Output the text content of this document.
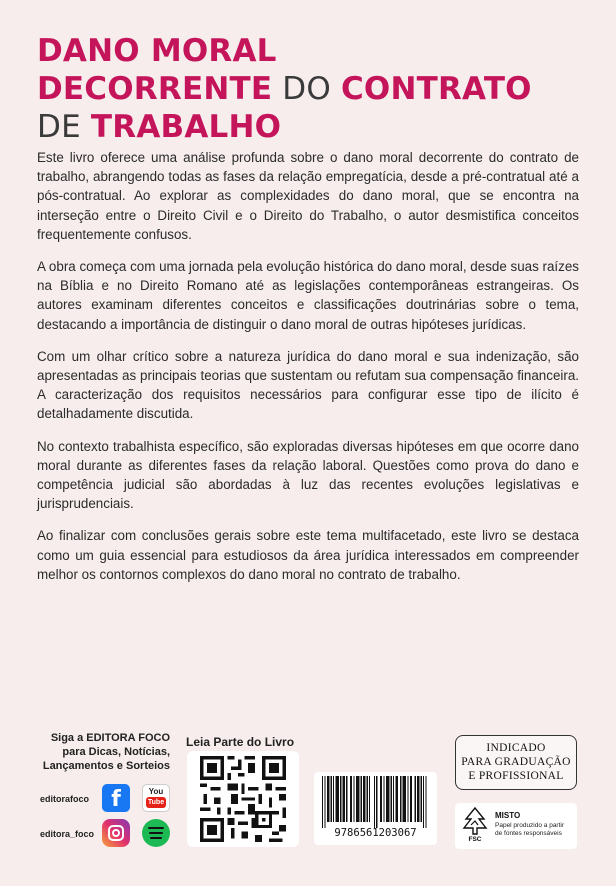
DANO MORAL
DECORRENTE DO CONTRATO
DE TRABALHO

Este livro oferece uma análise profunda sobre o dano moral decorrente do contrato de trabalho, abrangendo todas as fases da relação empregatícia, desde a pré-contratual até a pós-contratual. Ao explorar as complexidades do dano moral, que se encontra na interseção entre o Direito Civil e o Direito do Trabalho, o autor desmistifica conceitos frequentemente confusos.

A obra começa com uma jornada pela evolução histórica do dano moral, desde suas raízes na Bíblia e no Direito Romano até as legislações contemporâneas estrangeiras. Os autores examinam diferentes conceitos e classificações doutrinárias sobre o tema, destacando a importância de distinguir o dano moral de outras hipóteses jurídicas.

Com um olhar crítico sobre a natureza jurídica do dano moral e sua indenização, são apresentadas as principais teorias que sustentam ou refutam sua compensação financeira. A caracterização dos requisitos necessários para configurar esse tipo de ilícito é detalhadamente discutida.

No contexto trabalhista específico, são exploradas diversas hipóteses em que ocorre dano moral durante as diferentes fases da relação laboral. Questões como prova do dano e competência judicial são abordadas à luz das recentes evoluções legislativas e jurisprudenciais.

Ao finalizar com conclusões gerais sobre este tema multifacetado, este livro se destaca como um guia essencial para estudiosos da área jurídica interessados em compreender melhor os contornos complexos do dano moral no contrato de trabalho.

Siga a EDITORA FOCO
para Dicas, Notícias,
Lançamentos e Sorteios
editorafoco	f	You
Tube
editora_foco
Leia Parte do Livro
9786561203067
INDICADO
PARA GRADUAÇÃO
E PROFISSIONAL
FSC
MISTO
Papel produzido a partir de fontes responsáveis
